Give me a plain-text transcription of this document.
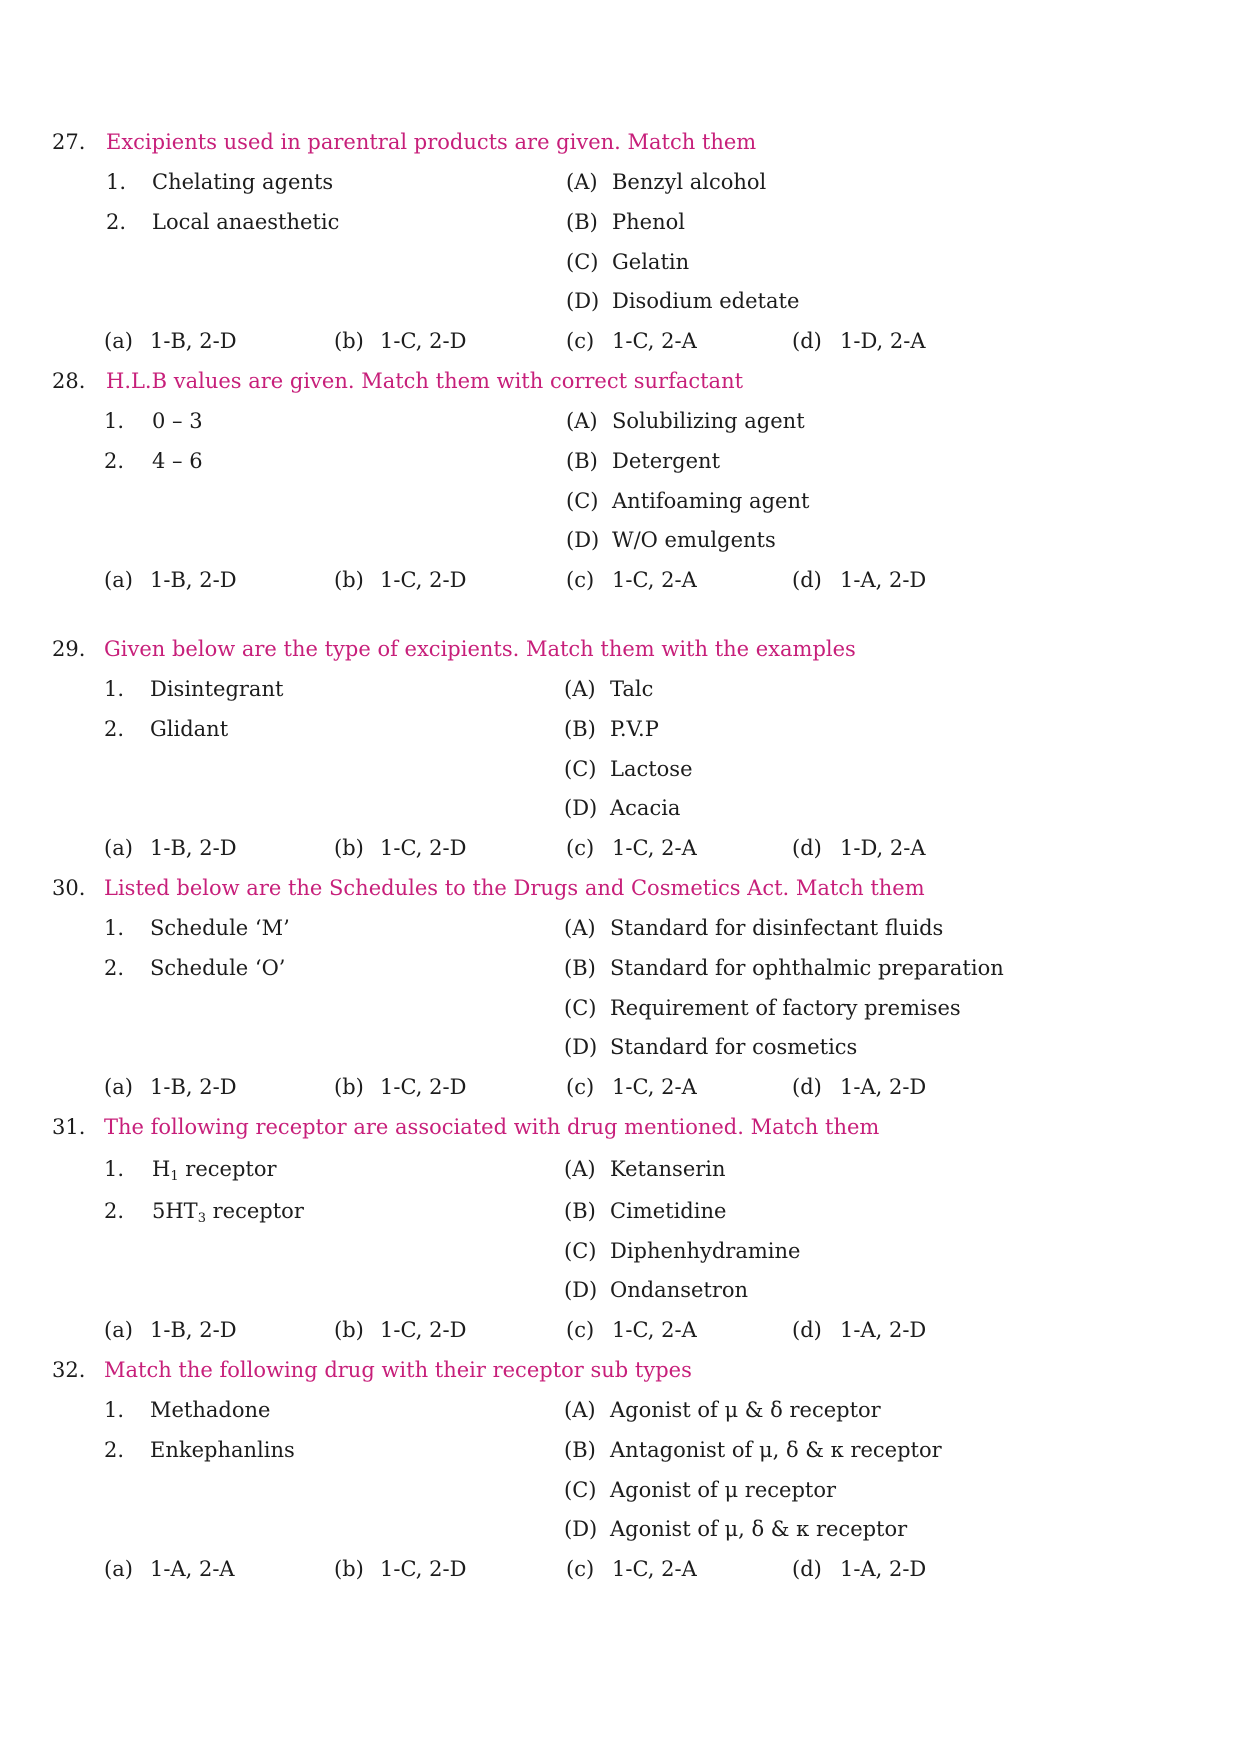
27. Excipients used in parentral products are given. Match them
1. Chelating agents
2. Local anaesthetic
(A) Benzyl alcohol
(B) Phenol
(C) Gelatin
(D) Disodium edetate
(a) 1-B, 2-D	(b) 1-C, 2-D	(c) 1-C, 2-A	(d) 1-D, 2-A
28. H.L.B values are given. Match them with correct surfactant
1. 0 – 3
2. 4 – 6
(A) Solubilizing agent
(B) Detergent
(C) Antifoaming agent
(D) W/O emulgents
(a) 1-B, 2-D	(b) 1-C, 2-D	(c) 1-C, 2-A	(d) 1-A, 2-D
29. Given below are the type of excipients. Match them with the examples
1. Disintegrant
2. Glidant
(A) Talc
(B) P.V.P
(C) Lactose
(D) Acacia
(a) 1-B, 2-D	(b) 1-C, 2-D	(c) 1-C, 2-A	(d) 1-D, 2-A
30. Listed below are the Schedules to the Drugs and Cosmetics Act. Match them
1. Schedule ‘M’
2. Schedule ‘O’
(A) Standard for disinfectant fluids
(B) Standard for ophthalmic preparation
(C) Requirement of factory premises
(D) Standard for cosmetics
(a) 1-B, 2-D	(b) 1-C, 2-D	(c) 1-C, 2-A	(d) 1-A, 2-D
31. The following receptor are associated with drug mentioned. Match them
1. $H_1$ receptor
2. $5HT_3$ receptor
(A) Ketanserin
(B) Cimetidine
(C) Diphenhydramine
(D) Ondansetron
(a) 1-B, 2-D	(b) 1-C, 2-D	(c) 1-C, 2-A	(d) 1-A, 2-D
32. Match the following drug with their receptor sub types
1. Methadone
2. Enkephanlins
(A) Agonist of μ & δ receptor
(B) Antagonist of μ, δ & κ receptor
(C) Agonist of μ receptor
(D) Agonist of μ, δ & κ receptor
(a) 1-A, 2-A	(b) 1-C, 2-D	(c) 1-C, 2-A	(d) 1-A, 2-D
